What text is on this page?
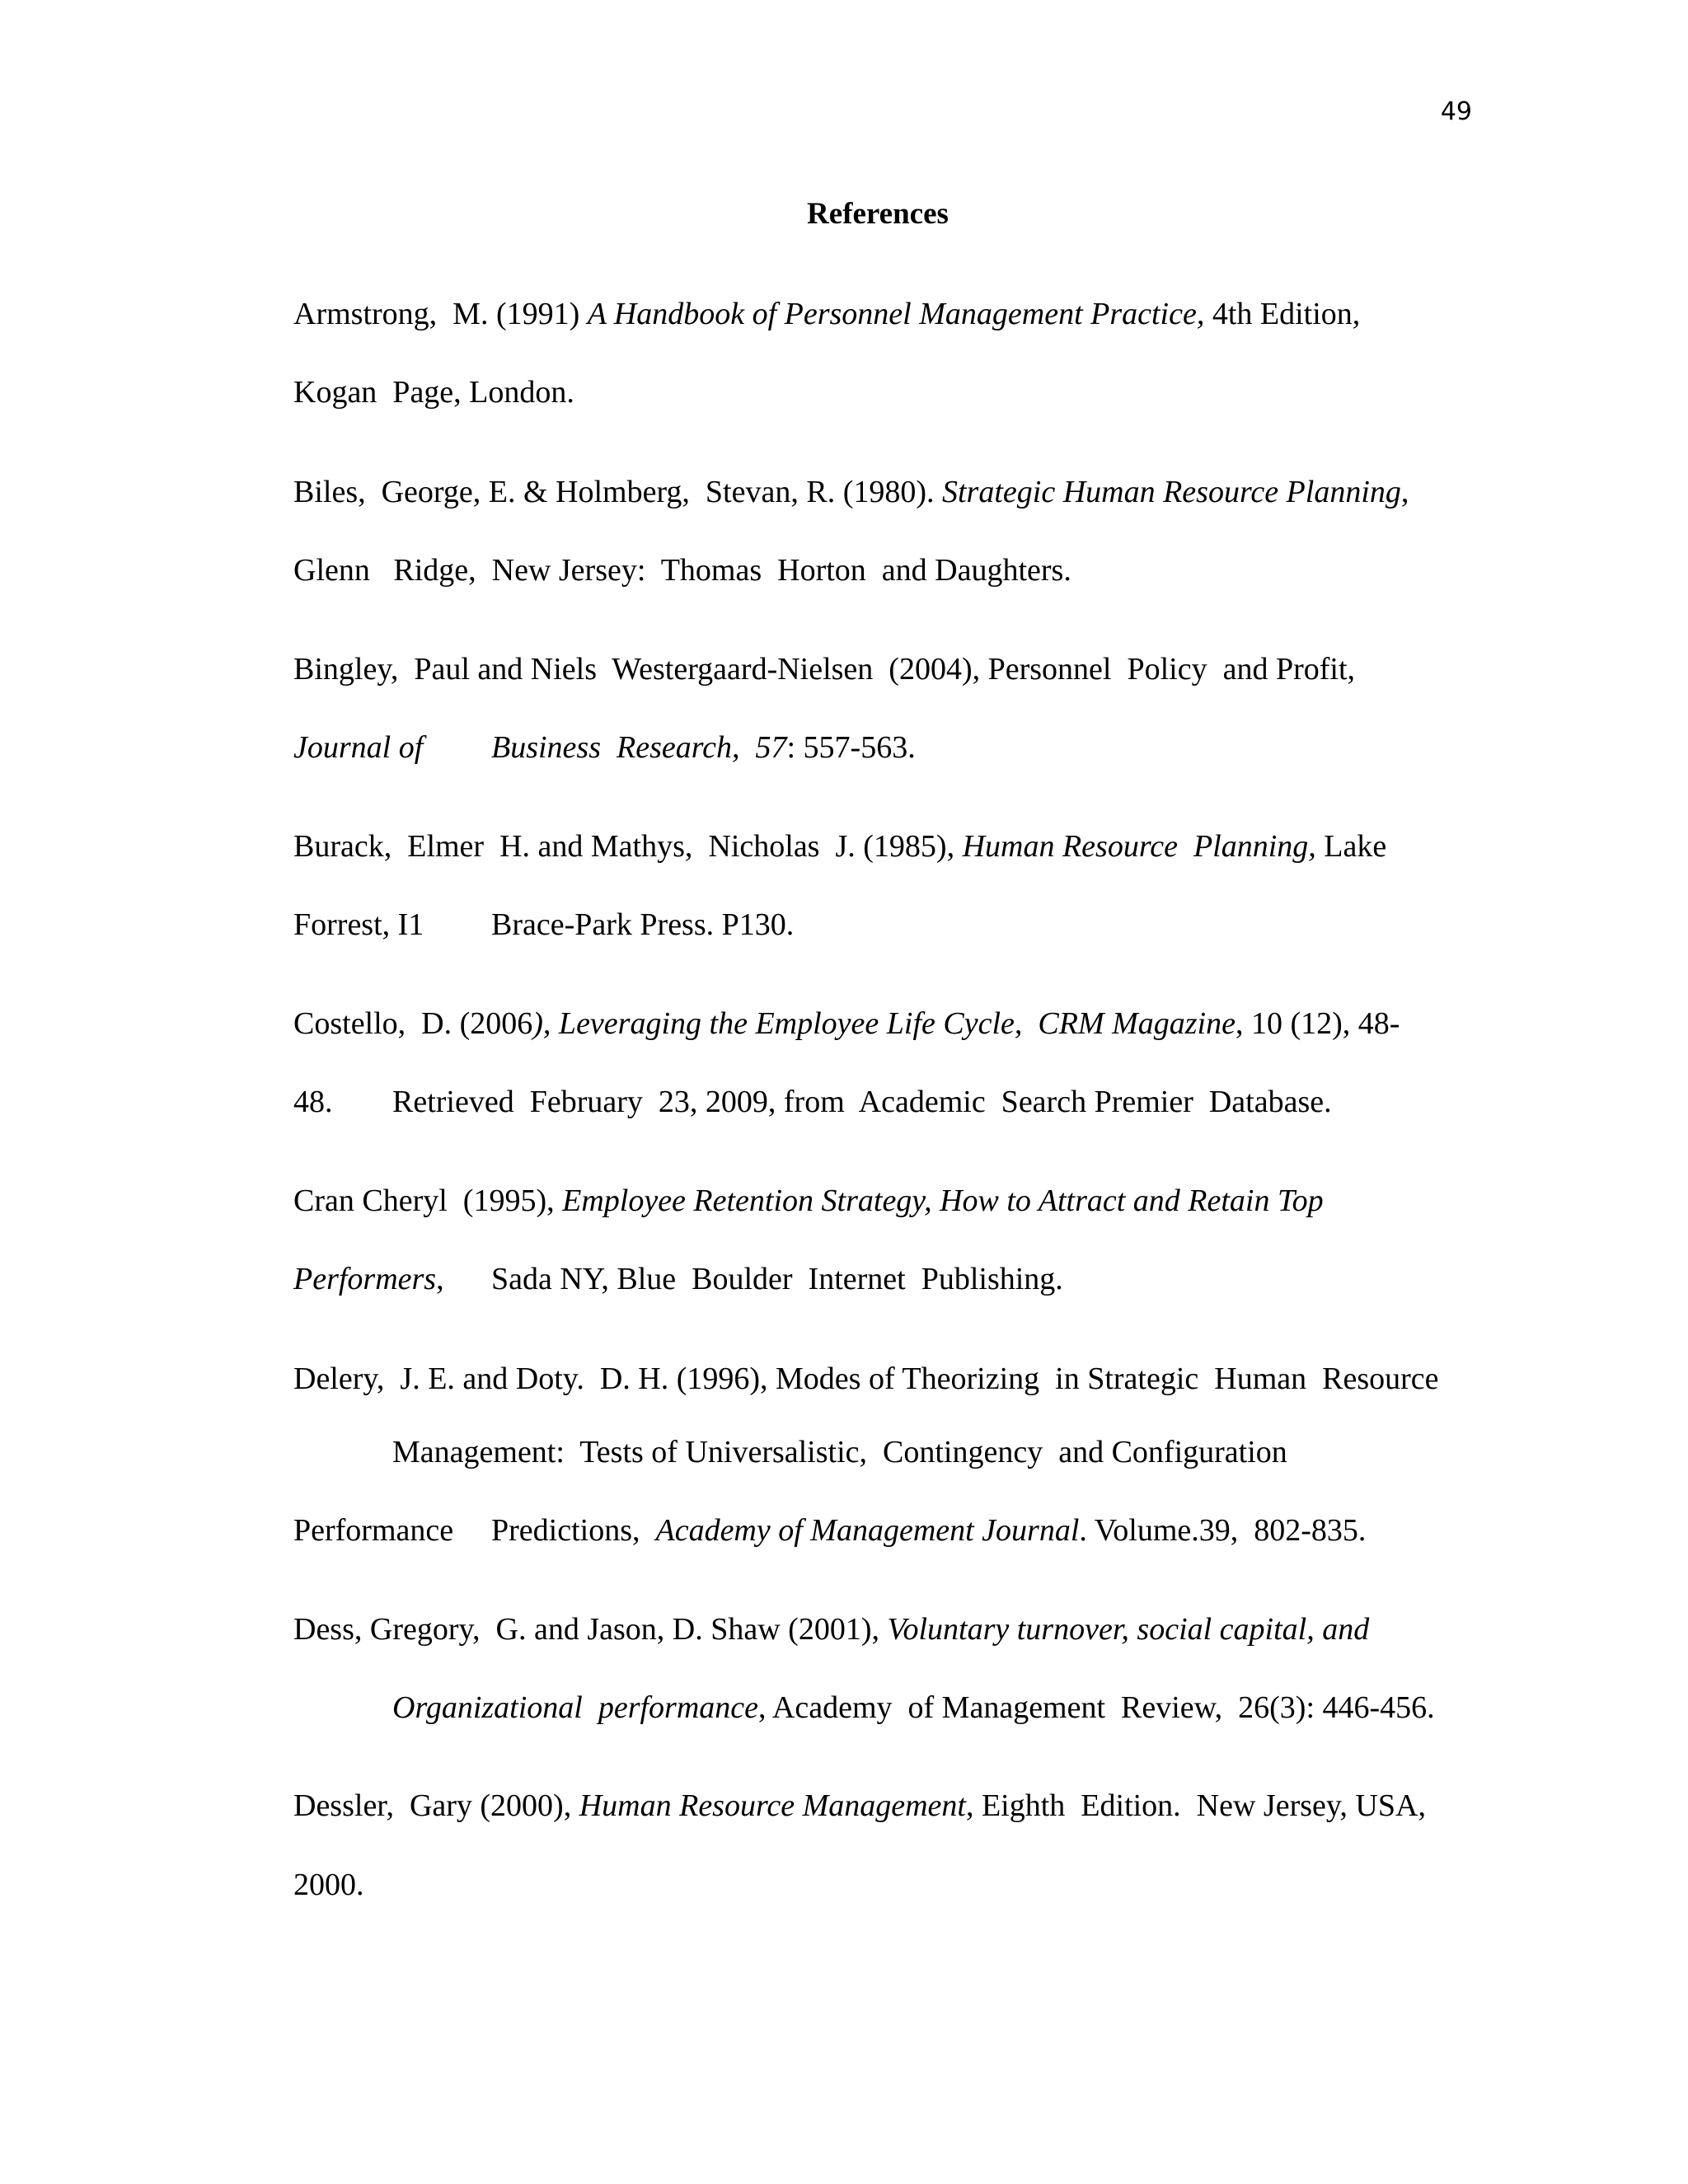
49
References
Armstrong,  M. (1991) A Handbook of Personnel Management Practice, 4th Edition,
Kogan  Page, London.
Biles,  George, E. & Holmberg,  Stevan, R. (1980). Strategic Human Resource Planning,
Glenn   Ridge,  New Jersey:  Thomas  Horton  and Daughters.
Bingley,  Paul and Niels  Westergaard-Nielsen  (2004), Personnel  Policy  and Profit,
Journal of Business  Research,  57: 557-563.
Burack,  Elmer  H. and Mathys,  Nicholas  J. (1985), Human Resource  Planning, Lake
Forrest, I1 Brace-Park Press. P130.
Costello,  D. (2006), Leveraging the Employee Life Cycle,  CRM Magazine, 10 (12), 48-
48. Retrieved  February  23, 2009, from  Academic  Search Premier  Database.
Cran Cheryl  (1995), Employee Retention Strategy, How to Attract and Retain Top
Performers, Sada NY, Blue  Boulder  Internet  Publishing.
Delery,  J. E. and Doty.  D. H. (1996), Modes of Theorizing  in Strategic  Human  Resource
Management:  Tests of Universalistic,  Contingency  and Configuration
Performance Predictions,  Academy of Management Journal. Volume.39,  802-835.
Dess, Gregory,  G. and Jason, D. Shaw (2001), Voluntary turnover, social capital, and
Organizational  performance, Academy  of Management  Review,  26(3): 446-456.
Dessler,  Gary (2000), Human Resource Management, Eighth  Edition.  New Jersey, USA,
2000.
